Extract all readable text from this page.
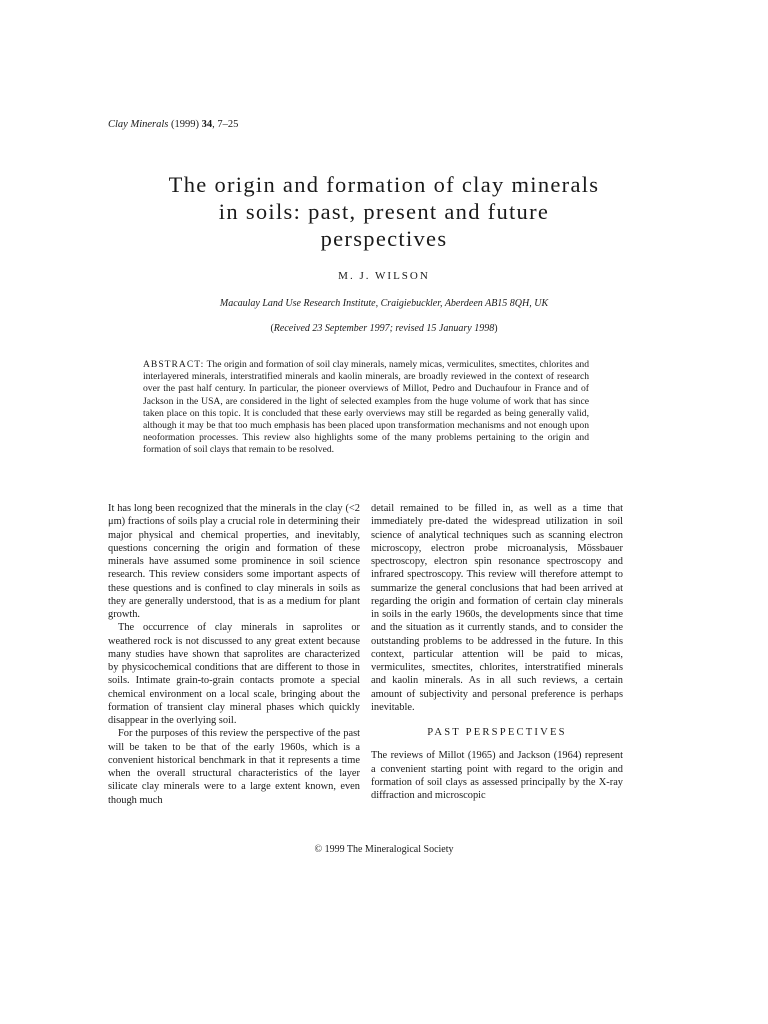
Clay Minerals (1999) 34, 7–25
The origin and formation of clay minerals
in soils: past, present and future
perspectives
M. J. WILSON
Macaulay Land Use Research Institute, Craigiebuckler, Aberdeen AB15 8QH, UK
(Received 23 September 1997; revised 15 January 1998)
ABSTRACT: The origin and formation of soil clay minerals, namely micas, vermiculites, smectites, chlorites and interlayered minerals, interstratified minerals and kaolin minerals, are broadly reviewed in the context of research over the past half century. In particular, the pioneer overviews of Millot, Pedro and Duchaufour in France and of Jackson in the USA, are considered in the light of selected examples from the huge volume of work that has since taken place on this topic. It is concluded that these early overviews may still be regarded as being generally valid, although it may be that too much emphasis has been placed upon transformation mechanisms and not enough upon neoformation processes. This review also highlights some of the many problems pertaining to the origin and formation of soil clays that remain to be resolved.

It has long been recognized that the minerals in the clay (<2 μm) fractions of soils play a crucial role in determining their major physical and chemical properties, and inevitably, questions concerning the origin and formation of these minerals have assumed some prominence in soil science research. This review considers some important aspects of these questions and is confined to clay minerals in soils as they are generally understood, that is as a medium for plant growth.

The occurrence of clay minerals in saprolites or weathered rock is not discussed to any great extent because many studies have shown that saprolites are characterized by physicochemical conditions that are different to those in soils. Intimate grain-to-grain contacts promote a special chemical environment on a local scale, bringing about the formation of transient clay mineral phases which quickly disappear in the overlying soil.

For the purposes of this review the perspective of the past will be taken to be that of the early 1960s, which is a convenient historical benchmark in that it represents a time when the overall structural characteristics of the layer silicate clay minerals were to a large extent known, even though much

detail remained to be filled in, as well as a time that immediately pre-dated the widespread utilization in soil science of analytical techniques such as scanning electron microscopy, electron probe microanalysis, Mössbauer spectroscopy, electron spin resonance spectroscopy and infrared spectroscopy. This review will therefore attempt to summarize the general conclusions that had been arrived at regarding the origin and formation of certain clay minerals in soils in the early 1960s, the developments since that time and the situation as it currently stands, and to consider the outstanding problems to be addressed in the future. In this context, particular attention will be paid to micas, vermiculites, smectites, chlorites, interstratified minerals and kaolin minerals. As in all such reviews, a certain amount of subjectivity and personal preference is perhaps inevitable.

PAST PERSPECTIVES

The reviews of Millot (1965) and Jackson (1964) represent a convenient starting point with regard to the origin and formation of soil clays as assessed principally by the X-ray diffraction and microscopic

© 1999 The Mineralogical Society
